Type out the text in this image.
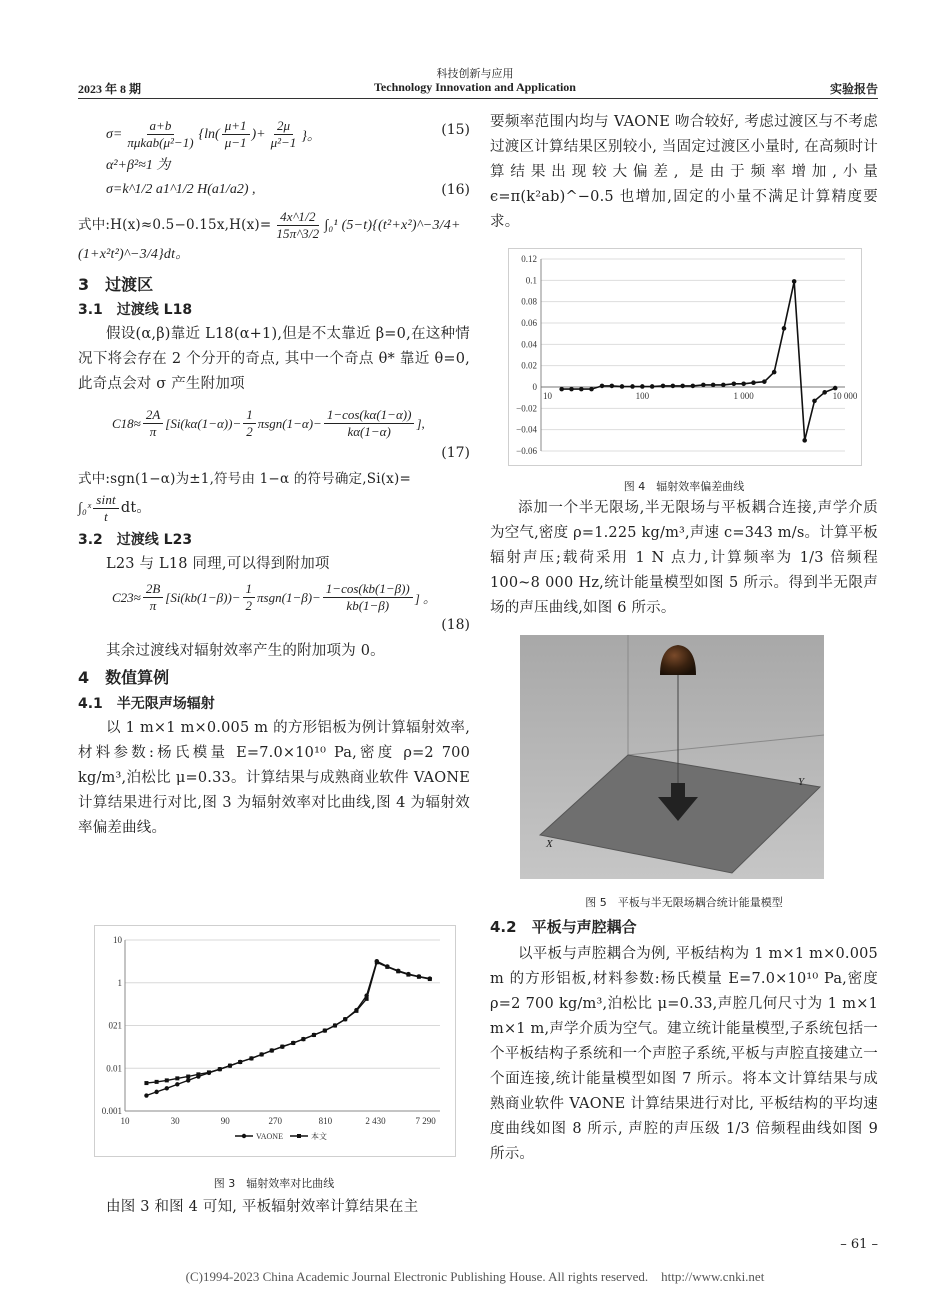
科技创新与应用
2023 年 8 期	Technology Innovation and Application	实验报告
$\sigma= \frac{a+b}{\text{πμkab(μ²−1)}} \{\ln( \frac{\mu+1}{\mu-1}$ )+ $\frac{2\mu}{\text{μ²−1}}$ }。	(15)
α²+β²≈1 为
σ=k^1/2 a1^1/2 H(a1/a2) ,	(16)
式中:H(x)≈0.5−0.15x,H(x)= $\frac{4x\^{}1/2}{15\pi\^{}3/2} \int_0^1$ (5−t){(t²+x²)^−3/4+
(1+x²t²)^−3/4}dt。
3　过渡区
3.1　过渡线 L18
假设(α,β)靠近 L18(α+1),但是不太靠近 β=0,在这种情况下将会存在 2 个分开的奇点, 其中一个奇点 θ* 靠近 θ=0,此奇点会对 σ 产生附加项
$C18\approx \frac{2A}{\pi} [Si(k\alpha(1-\alpha))- \frac{1}{2} \pi sgn(1-\alpha)- \frac{1-\cos(k\alpha(1-\alpha))}{k\alpha(1-\alpha)}$ ],
(17)
式中:sgn(1−α)为±1,符号由 1−α 的符号确定,Si(x)=
∫₀ˣ $\frac{\sin t}{t}$ dt。
3.2　过渡线 L23
L23 与 L18 同理,可以得到附加项
$C23\approx \frac{2B}{\pi} [Si(kb(1-\beta))- \frac{1}{2} \pi sgn(1-\beta)- \frac{1-\cos(kb(1-\beta))}{kb(1-\beta)}$ ] 。
(18)
其余过渡线对辐射效率产生的附加项为 0。
4　数值算例
4.1　半无限声场辐射
以 1 m×1 m×0.005 m 的方形铝板为例计算辐射效率,材料参数:杨氏模量 E=7.0×10¹⁰ Pa,密度 ρ=2 700 kg/m³,泊松比 μ=0.33。计算结果与成熟商业软件 VAONE 计算结果进行对比,图 3 为辐射效率对比曲线,图 4 为辐射效率偏差曲线。
10
1
021
0.01
0.001
10	30	90	270	810	2 430	7 290
VAONE	本文
图 3　辐射效率对比曲线
由图 3 和图 4 可知, 平板辐射效率计算结果在主
要频率范围内均与 VAONE 吻合较好, 考虑过渡区与不考虑过渡区计算结果区别较小, 当固定过渡区小量时, 在高频时计算结果出现较大偏差, 是由于频率增加,小量 ϵ=π(k²ab)^−0.5 也增加,固定的小量不满足计算精度要求。
0.12
0.1
0.08
0.06
0.04
0.02
0
−0.02
−0.04
−0.06
10	100	1 000	10 000
图 4　辐射效率偏差曲线
添加一个半无限场,半无限场与平板耦合连接,声学介质为空气,密度 ρ=1.225 kg/m³,声速 c=343 m/s。计算平板辐射声压;载荷采用 1 N 点力,计算频率为 1/3 倍频程 100~8 000 Hz,统计能量模型如图 5 所示。得到半无限声场的声压曲线,如图 6 所示。
Y
X
图 5　平板与半无限场耦合统计能量模型
4.2　平板与声腔耦合
以平板与声腔耦合为例, 平板结构为 1 m×1 m×0.005 m 的方形铝板,材料参数:杨氏模量 E=7.0×10¹⁰ Pa,密度 ρ=2 700 kg/m³,泊松比 μ=0.33,声腔几何尺寸为 1 m×1 m×1 m,声学介质为空气。建立统计能量模型,子系统包括一个平板结构子系统和一个声腔子系统,平板与声腔直接建立一个面连接,统计能量模型如图 7 所示。将本文计算结果与成熟商业软件 VAONE 计算结果进行对比, 平板结构的平均速度曲线如图 8 所示, 声腔的声压级 1/3 倍频程曲线如图 9 所示。
– 61 –
(C)1994-2023 China Academic Journal Electronic Publishing House. All rights reserved.　http://www.cnki.net
